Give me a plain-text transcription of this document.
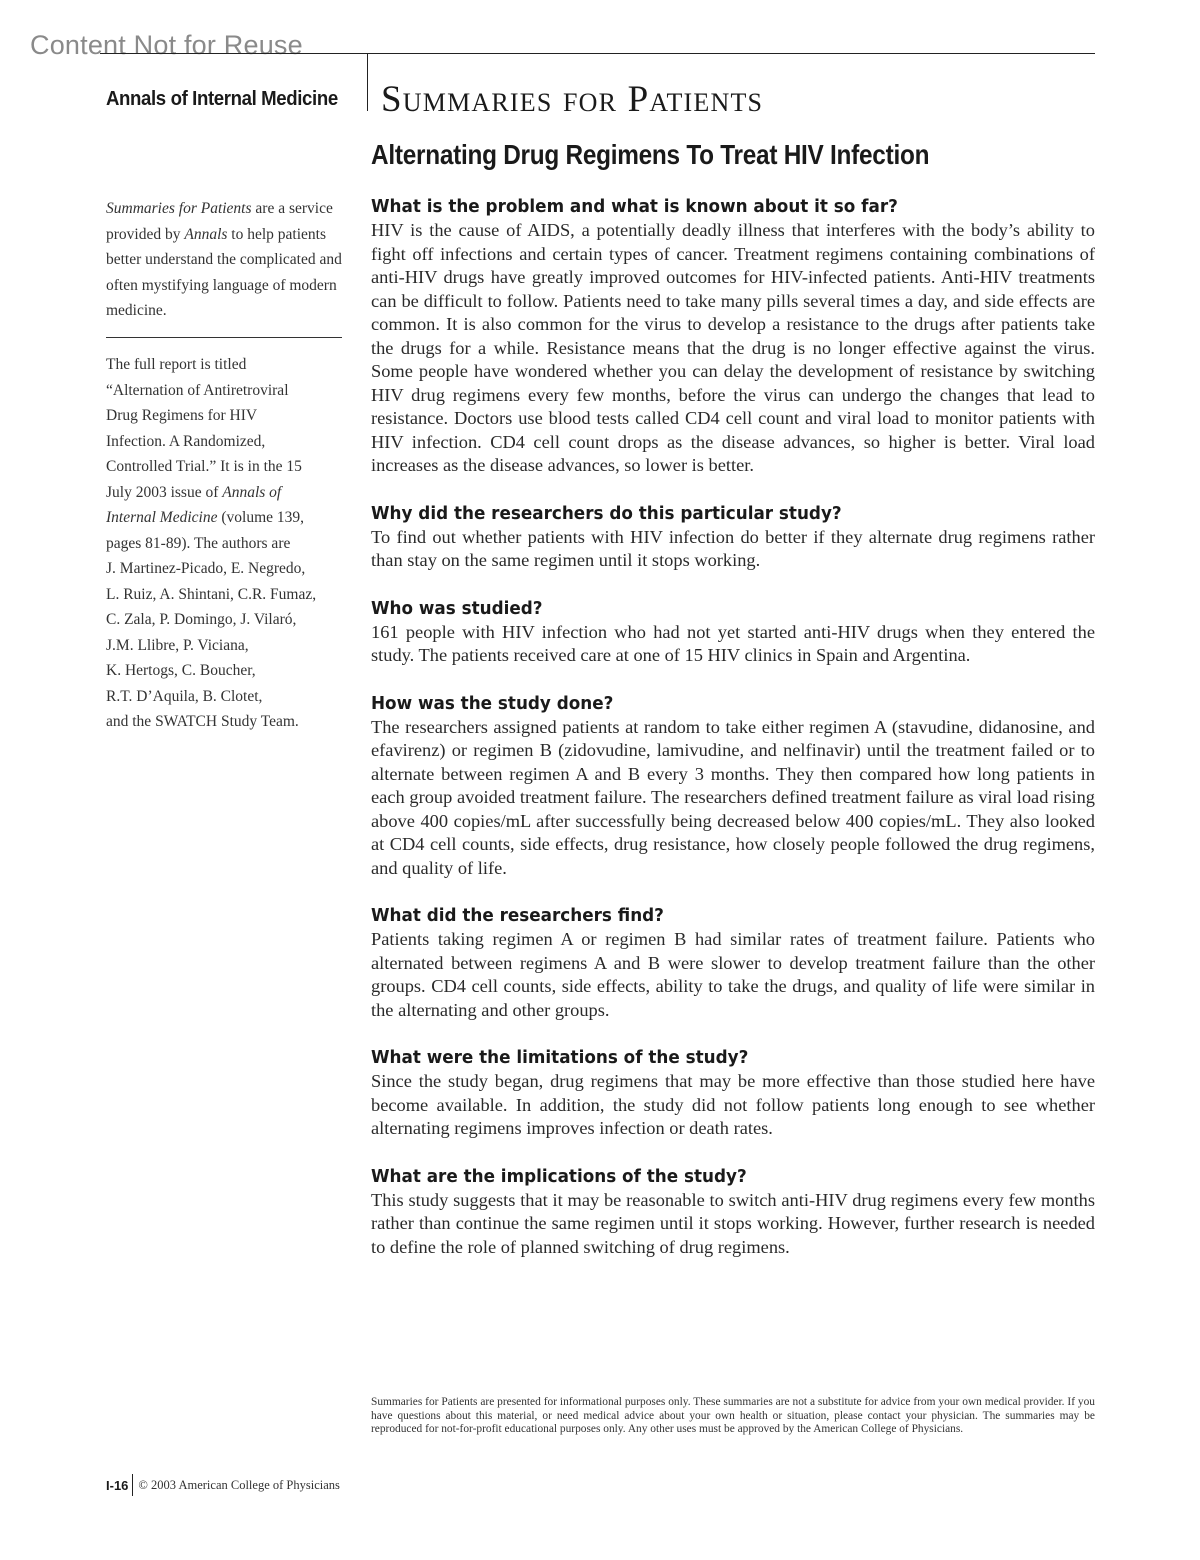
Content Not for Reuse
Annals of Internal Medicine Summaries for Patients
Alternating Drug Regimens To Treat HIV Infection
Summaries for Patients are a service provided by Annals to help patients better understand the complicated and often mystifying language of modern medicine.
The full report is titled
“Alternation of Antiretroviral
Drug Regimens for HIV
Infection. A Randomized,
Controlled Trial.” It is in the 15
July 2003 issue of Annals of
Internal Medicine (volume 139,
pages 81-89). The authors are
J. Martinez-Picado, E. Negredo,
L. Ruiz, A. Shintani, C.R. Fumaz,
C. Zala, P. Domingo, J. Vilaró,
J.M. Llibre, P. Viciana,
K. Hertogs, C. Boucher,
R.T. D’Aquila, B. Clotet,
and the SWATCH Study Team.
What is the problem and what is known about it so far?

HIV is the cause of AIDS, a potentially deadly illness that interferes with the body’s ability to fight off infections and certain types of cancer. Treatment regimens containing combinations of anti-HIV drugs have greatly improved outcomes for HIV-infected patients. Anti-HIV treatments can be difficult to follow. Patients need to take many pills several times a day, and side effects are common. It is also common for the virus to develop a resistance to the drugs after patients take the drugs for a while. Resistance means that the drug is no longer effective against the virus. Some people have wondered whether you can delay the development of resistance by switching HIV drug regimens every few months, before the virus can undergo the changes that lead to resistance. Doctors use blood tests called CD4 cell count and viral load to monitor patients with HIV infection. CD4 cell count drops as the disease advances, so higher is better. Viral load increases as the disease advances, so lower is better.

Why did the researchers do this particular study?

To find out whether patients with HIV infection do better if they alternate drug regimens rather than stay on the same regimen until it stops working.

Who was studied?

161 people with HIV infection who had not yet started anti-HIV drugs when they entered the study. The patients received care at one of 15 HIV clinics in Spain and Argentina.

How was the study done?

The researchers assigned patients at random to take either regimen A (stavudine, didanosine, and efavirenz) or regimen B (zidovudine, lamivudine, and nelfinavir) until the treatment failed or to alternate between regimen A and B every 3 months. They then compared how long patients in each group avoided treatment failure. The researchers defined treatment failure as viral load rising above 400 copies/mL after successfully being decreased below 400 copies/mL. They also looked at CD4 cell counts, side effects, drug resistance, how closely people followed the drug regimens, and quality of life.

What did the researchers find?

Patients taking regimen A or regimen B had similar rates of treatment failure. Patients who alternated between regimens A and B were slower to develop treatment failure than the other groups. CD4 cell counts, side effects, ability to take the drugs, and quality of life were similar in the alternating and other groups.

What were the limitations of the study?

Since the study began, drug regimens that may be more effective than those studied here have become available. In addition, the study did not follow patients long enough to see whether alternating regimens improves infection or death rates.

What are the implications of the study?

This study suggests that it may be reasonable to switch anti-HIV drug regimens every few months rather than continue the same regimen until it stops working. However, further research is needed to define the role of planned switching of drug regimens.

Summaries for Patients are presented for informational purposes only. These summaries are not a substitute for advice from your own medical provider. If you have questions about this material, or need medical advice about your own health or situation, please contact your physician. The summaries may be reproduced for not-for-profit educational purposes only. Any other uses must be approved by the American College of Physicians.
I-16 © 2003 American College of Physicians
